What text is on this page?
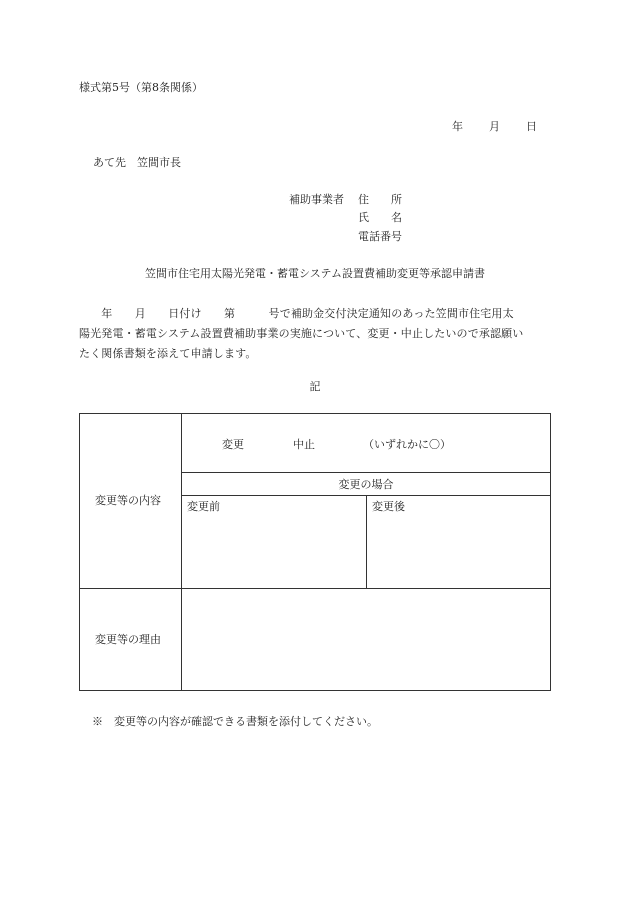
様式第5号（第8条関係）
年 月 日
あて先　笠間市長
補助事業者 住　　所
氏　　名
電話番号
笠間市住宅用太陽光発電・蓄電システム設置費補助変更等承認申請書
　　年　　月　　日付け　　第　　　号で補助金交付決定通知のあった笠間市住宅用太
陽光発電・蓄電システム設置費補助事業の実施について、変更・中止したいので承認願い
たく関係書類を添えて申請します。
記
変更等の内容
変更	中止	（いずれかに〇）
変更の場合
変更前	変更後
変更等の理由
※　変更等の内容が確認できる書類を添付してください。
